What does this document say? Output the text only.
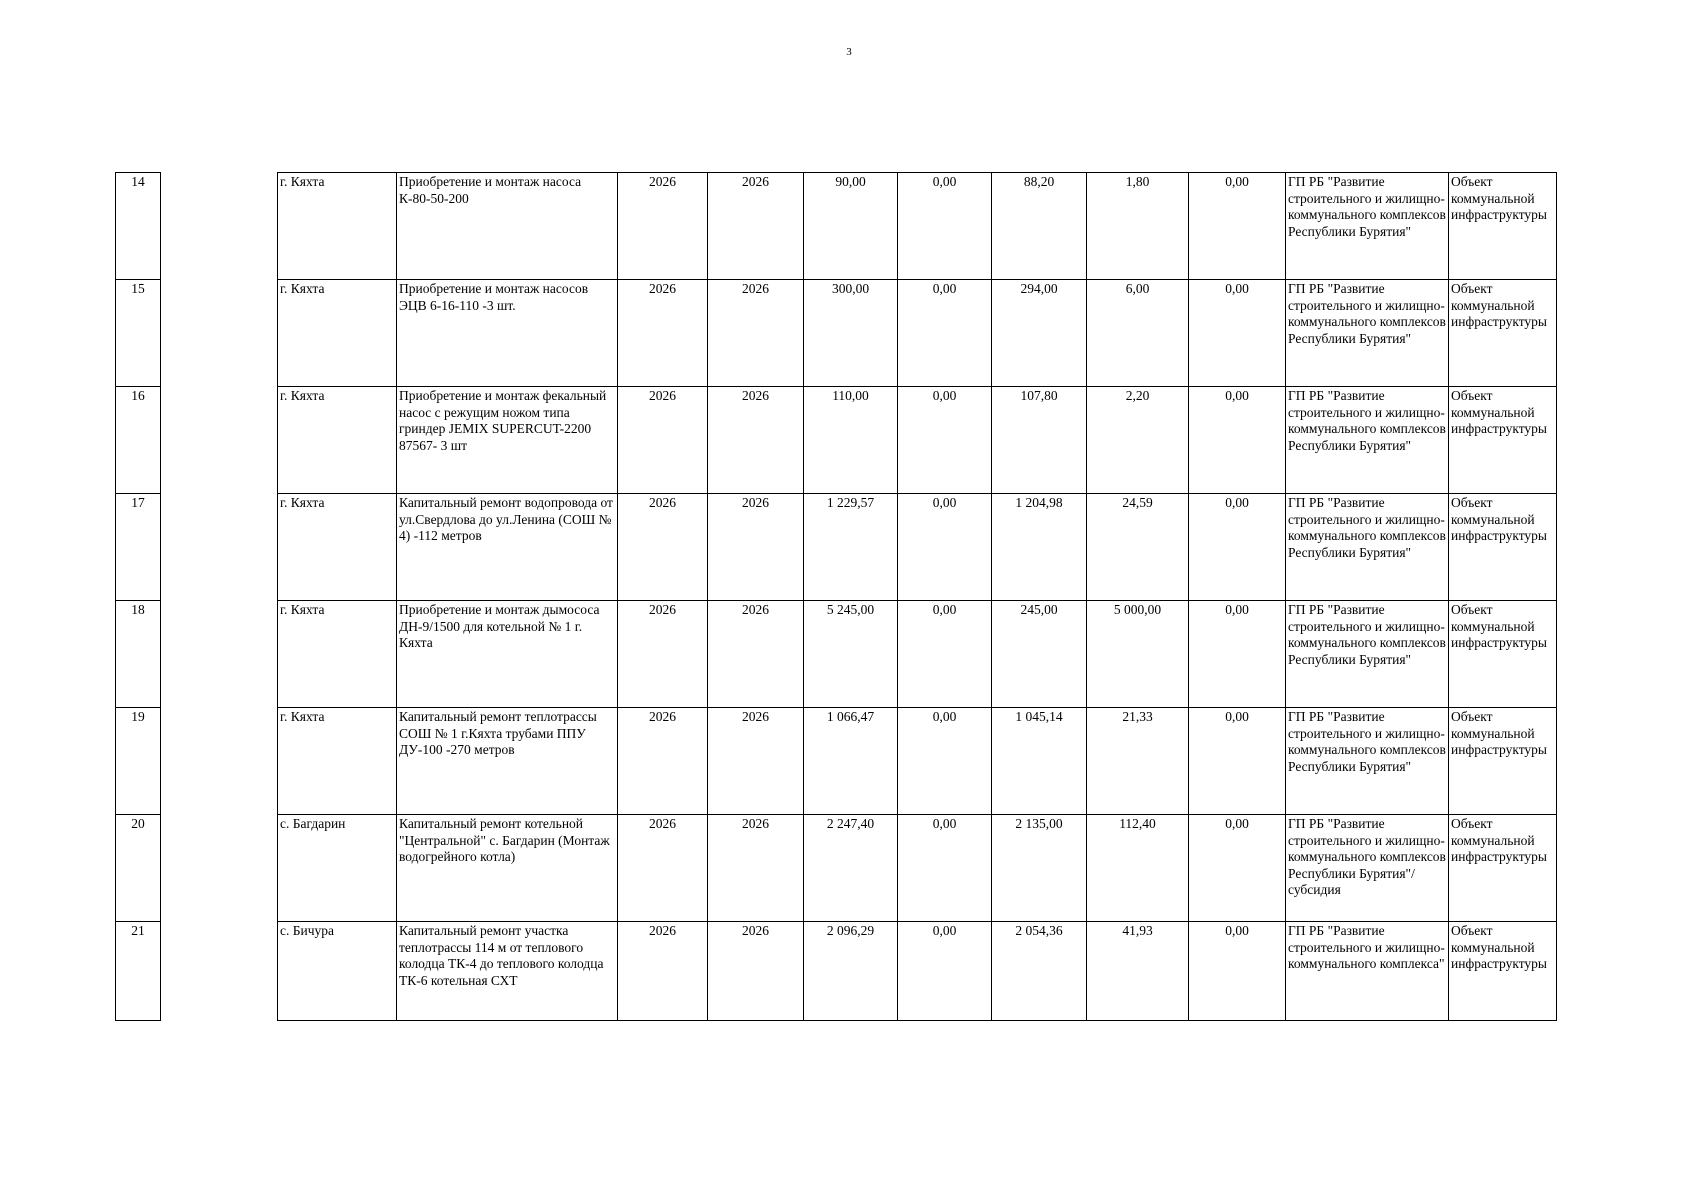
3
14		г. Кяхта	Приобретение и монтаж насоса К-80-50-200	2026	2026	90,00	0,00	88,20	1,80	0,00	ГП РБ "Развитие строительного и жилищно-коммунального комплексов Республики Бурятия"	Объект коммунальной инфраструктуры
15		г. Кяхта	Приобретение и монтаж насосов ЭЦВ 6-16-110 -3 шт.	2026	2026	300,00	0,00	294,00	6,00	0,00	ГП РБ "Развитие строительного и жилищно-коммунального комплексов Республики Бурятия"	Объект коммунальной инфраструктуры
16		г. Кяхта	Приобретение и монтаж фекальный насос с режущим ножом типа гриндер JEMIX SUPERCUT-2200 87567- 3 шт	2026	2026	110,00	0,00	107,80	2,20	0,00	ГП РБ "Развитие строительного и жилищно-коммунального комплексов Республики Бурятия"	Объект коммунальной инфраструктуры
17		г. Кяхта	Капитальный ремонт водопровода от ул.Свердлова до ул.Ленина (СОШ № 4) -112 метров	2026	2026	1 229,57	0,00	1 204,98	24,59	0,00	ГП РБ "Развитие строительного и жилищно-коммунального комплексов Республики Бурятия"	Объект коммунальной инфраструктуры
18		г. Кяхта	Приобретение и монтаж дымососа ДН-9/1500 для котельной № 1 г. Кяхта	2026	2026	5 245,00	0,00	245,00	5 000,00	0,00	ГП РБ "Развитие строительного и жилищно-коммунального комплексов Республики Бурятия"	Объект коммунальной инфраструктуры
19		г. Кяхта	Капитальный ремонт теплотрассы СОШ № 1 г.Кяхта трубами ППУ ДУ-100 -270 метров	2026	2026	1 066,47	0,00	1 045,14	21,33	0,00	ГП РБ "Развитие строительного и жилищно-коммунального комплексов Республики Бурятия"	Объект коммунальной инфраструктуры
20		с. Багдарин	Капитальный ремонт котельной "Центральной" с. Багдарин (Монтаж водогрейного котла)	2026	2026	2 247,40	0,00	2 135,00	112,40	0,00	ГП РБ "Развитие строительного и жилищно-коммунального комплексов Республики Бурятия"/субсидия	Объект коммунальной инфраструктуры
21		с. Бичура	Капитальный ремонт участка теплотрассы 114 м от теплового колодца ТК-4 до теплового колодца ТК-6 котельная СХТ	2026	2026	2 096,29	0,00	2 054,36	41,93	0,00	ГП РБ "Развитие строительного и жилищно-коммунального комплекса"	Объект коммунальной инфраструктуры
